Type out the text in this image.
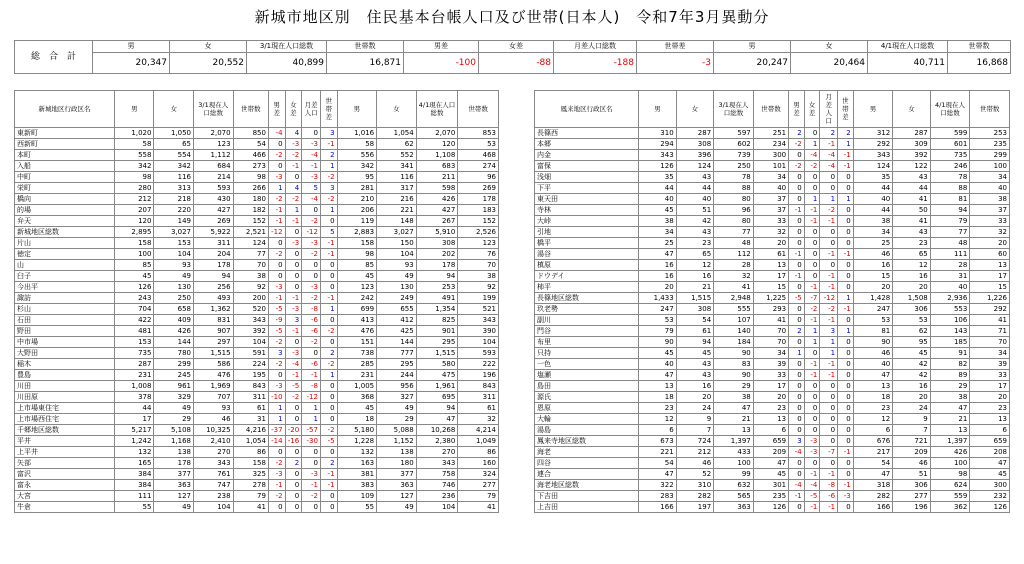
新城市地区別　住民基本台帳人口及び世帯(日本人)　令和7年3月異動分
総　合　計	男	女	3/1現在人口総数	世帯数	男差	女差	月差人口総数	世帯差	男	女	4/1現在人口総数	世帯数
	20,347	20,552	40,899	16,871	-100	-88	-188	-3	20,247	20,464	40,711	16,868
新城地区行政区名	男	女	3/1現在人口総数	世帯数	男差	女差	月差人口	世帯差	男	女	4/1現在人口総数	世帯数
東新町	1,020	1,050	2,070	850	-4	4	0	3	1,016	1,054	2,070	853
西新町	58	65	123	54	0	-3	-3	-1	58	62	120	53
本町	558	554	1,112	466	-2	-2	-4	2	556	552	1,108	468
入船	342	342	684	273	0	-1	-1	1	342	341	683	274
中町	98	116	214	98	-3	0	-3	-2	95	116	211	96
栄町	280	313	593	266	1	4	5	3	281	317	598	269
橋向	212	218	430	180	-2	-2	-4	-2	210	216	426	178
的場	207	220	427	182	-1	1	0	1	206	221	427	183
弁天	120	149	269	152	-1	-1	-2	0	119	148	267	152
新城地区総数	2,895	3,027	5,922	2,521	-12	0	-12	5	2,883	3,027	5,910	2,526
片山	158	153	311	124	0	-3	-3	-1	158	150	308	123
徳定	100	104	204	77	-2	0	-2	-1	98	104	202	76
山	85	93	178	70	0	0	0	0	85	93	178	70
臼子	45	49	94	38	0	0	0	0	45	49	94	38
今出平	126	130	256	92	-3	0	-3	0	123	130	253	92
諏訪	243	250	493	200	-1	-1	-2	-1	242	249	491	199
杉山	704	658	1,362	520	-5	-3	-8	1	699	655	1,354	521
石田	422	409	831	343	-9	3	-6	0	413	412	825	343
野田	481	426	907	392	-5	-1	-6	-2	476	425	901	390
中市場	153	144	297	104	-2	0	-2	0	151	144	295	104
大野田	735	780	1,515	591	3	-3	0	2	738	777	1,515	593
稲木	287	299	586	224	-2	-4	-6	-2	285	295	580	222
豊島	231	245	476	195	0	-1	-1	1	231	244	475	196
川田	1,008	961	1,969	843	-3	-5	-8	0	1,005	956	1,961	843
川田原	378	329	707	311	-10	-2	-12	0	368	327	695	311
上市場東住宅	44	49	93	61	1	0	1	0	45	49	94	61
上市場西住宅	17	29	46	31	1	0	1	0	18	29	47	32
千郷地区総数	5,217	5,108	10,325	4,216	-37	-20	-57	-2	5,180	5,088	10,268	4,214
平井	1,242	1,168	2,410	1,054	-14	-16	-30	-5	1,228	1,152	2,380	1,049
上平井	132	138	270	86	0	0	0	0	132	138	270	86
矢部	165	178	343	158	-2	2	0	2	163	180	343	160
富沢	384	377	761	325	-3	0	-3	-1	381	377	758	324
富永	384	363	747	278	-1	0	-1	-1	383	363	746	277
大宮	111	127	238	79	-2	0	-2	0	109	127	236	79
牛倉	55	49	104	41	0	0	0	0	55	49	104	41
鳳来地区行政区名	男	女	3/1現在人口総数	世帯数	男差	女差	月差人口	世帯差	男	女	4/1現在人口総数	世帯数
長篠西	310	287	597	251	2	0	2	2	312	287	599	253
本郷	294	308	602	234	-2	1	-1	1	292	309	601	235
内金	343	396	739	300	0	-4	-4	-1	343	392	735	299
富保	126	124	250	101	-2	-2	-4	-1	124	122	246	100
浅畑	35	43	78	34	0	0	0	0	35	43	78	34
下平	44	44	88	40	0	0	0	0	44	44	88	40
東天田	40	40	80	37	0	1	1	1	40	41	81	38
寺林	45	51	96	37	-1	-1	-2	0	44	50	94	37
大峠	38	42	80	33	0	-1	-1	0	38	41	79	33
引地	34	43	77	32	0	0	0	0	34	43	77	32
橋平	25	23	48	20	0	0	0	0	25	23	48	20
湯谷	47	65	112	61	-1	0	-1	-1	46	65	111	60
槙原	16	12	28	13	0	0	0	0	16	12	28	13
ドウデイ	16	16	32	17	-1	0	-1	0	15	16	31	17
柿平	20	21	41	15	0	-1	-1	0	20	20	40	15
長篠地区総数	1,433	1,515	2,948	1,225	-5	-7	-12	1	1,428	1,508	2,936	1,226
玖老勢	247	308	555	293	0	-2	-2	-1	247	306	553	292
副川	53	54	107	41	0	-1	-1	0	53	53	106	41
門谷	79	61	140	70	2	1	3	1	81	62	143	71
布里	90	94	184	70	0	1	1	0	90	95	185	70
只持	45	45	90	34	1	0	1	0	46	45	91	34
一色	40	43	83	39	0	-1	-1	0	40	42	82	39
塩瀬	47	43	90	33	0	-1	-1	0	47	42	89	33
島田	13	16	29	17	0	0	0	0	13	16	29	17
源氏	18	20	38	20	0	0	0	0	18	20	38	20
恩原	23	24	47	23	0	0	0	0	23	24	47	23
大輪	12	9	21	13	0	0	0	0	12	9	21	13
湯島	6	7	13	6	0	0	0	0	6	7	13	6
鳳来寺地区総数	673	724	1,397	659	3	-3	0	0	676	721	1,397	659
海老	221	212	433	209	-4	-3	-7	-1	217	209	426	208
四谷	54	46	100	47	0	0	0	0	54	46	100	47
連合	47	52	99	45	0	-1	-1	0	47	51	98	45
海老地区総数	322	310	632	301	-4	-4	-8	-1	318	306	624	300
下吉田	283	282	565	235	-1	-5	-6	-3	282	277	559	232
上吉田	166	197	363	126	0	-1	-1	0	166	196	362	126
